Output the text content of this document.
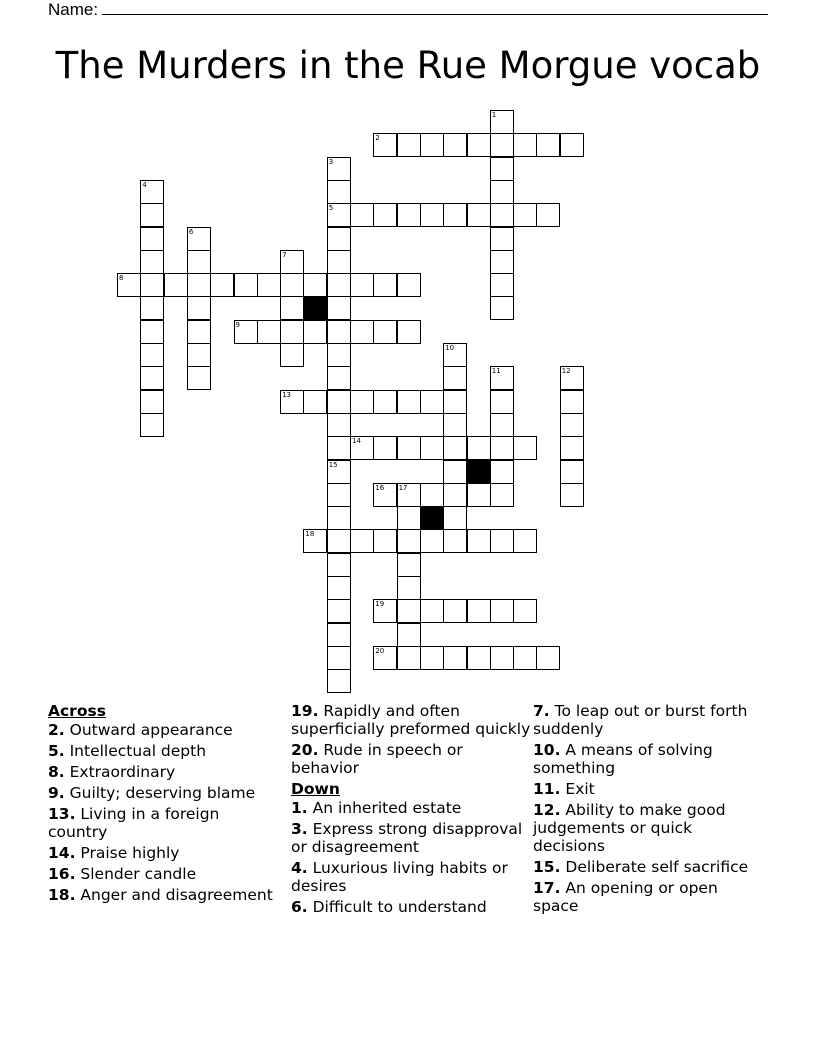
Name:
The Murders in the Rue Morgue vocab
1
2
3
5
15
4
6
7
8
9
10
11	12
13
14
16 17
18
19
20
Across
2. Outward appearance
5. Intellectual depth
8. Extraordinary
9. Guilty; deserving blame
13. Living in a foreign country
14. Praise highly
16. Slender candle
18. Anger and disagreement
19. Rapidly and often superficially preformed quickly
20. Rude in speech or behavior
Down
1. An inherited estate
3. Express strong disapproval or disagreement
4. Luxurious living habits or desires
6. Difficult to understand
7. To leap out or burst forth suddenly
10. A means of solving something
11. Exit
12. Ability to make good judgements or quick decisions
15. Deliberate self sacrifice
17. An opening or open space
